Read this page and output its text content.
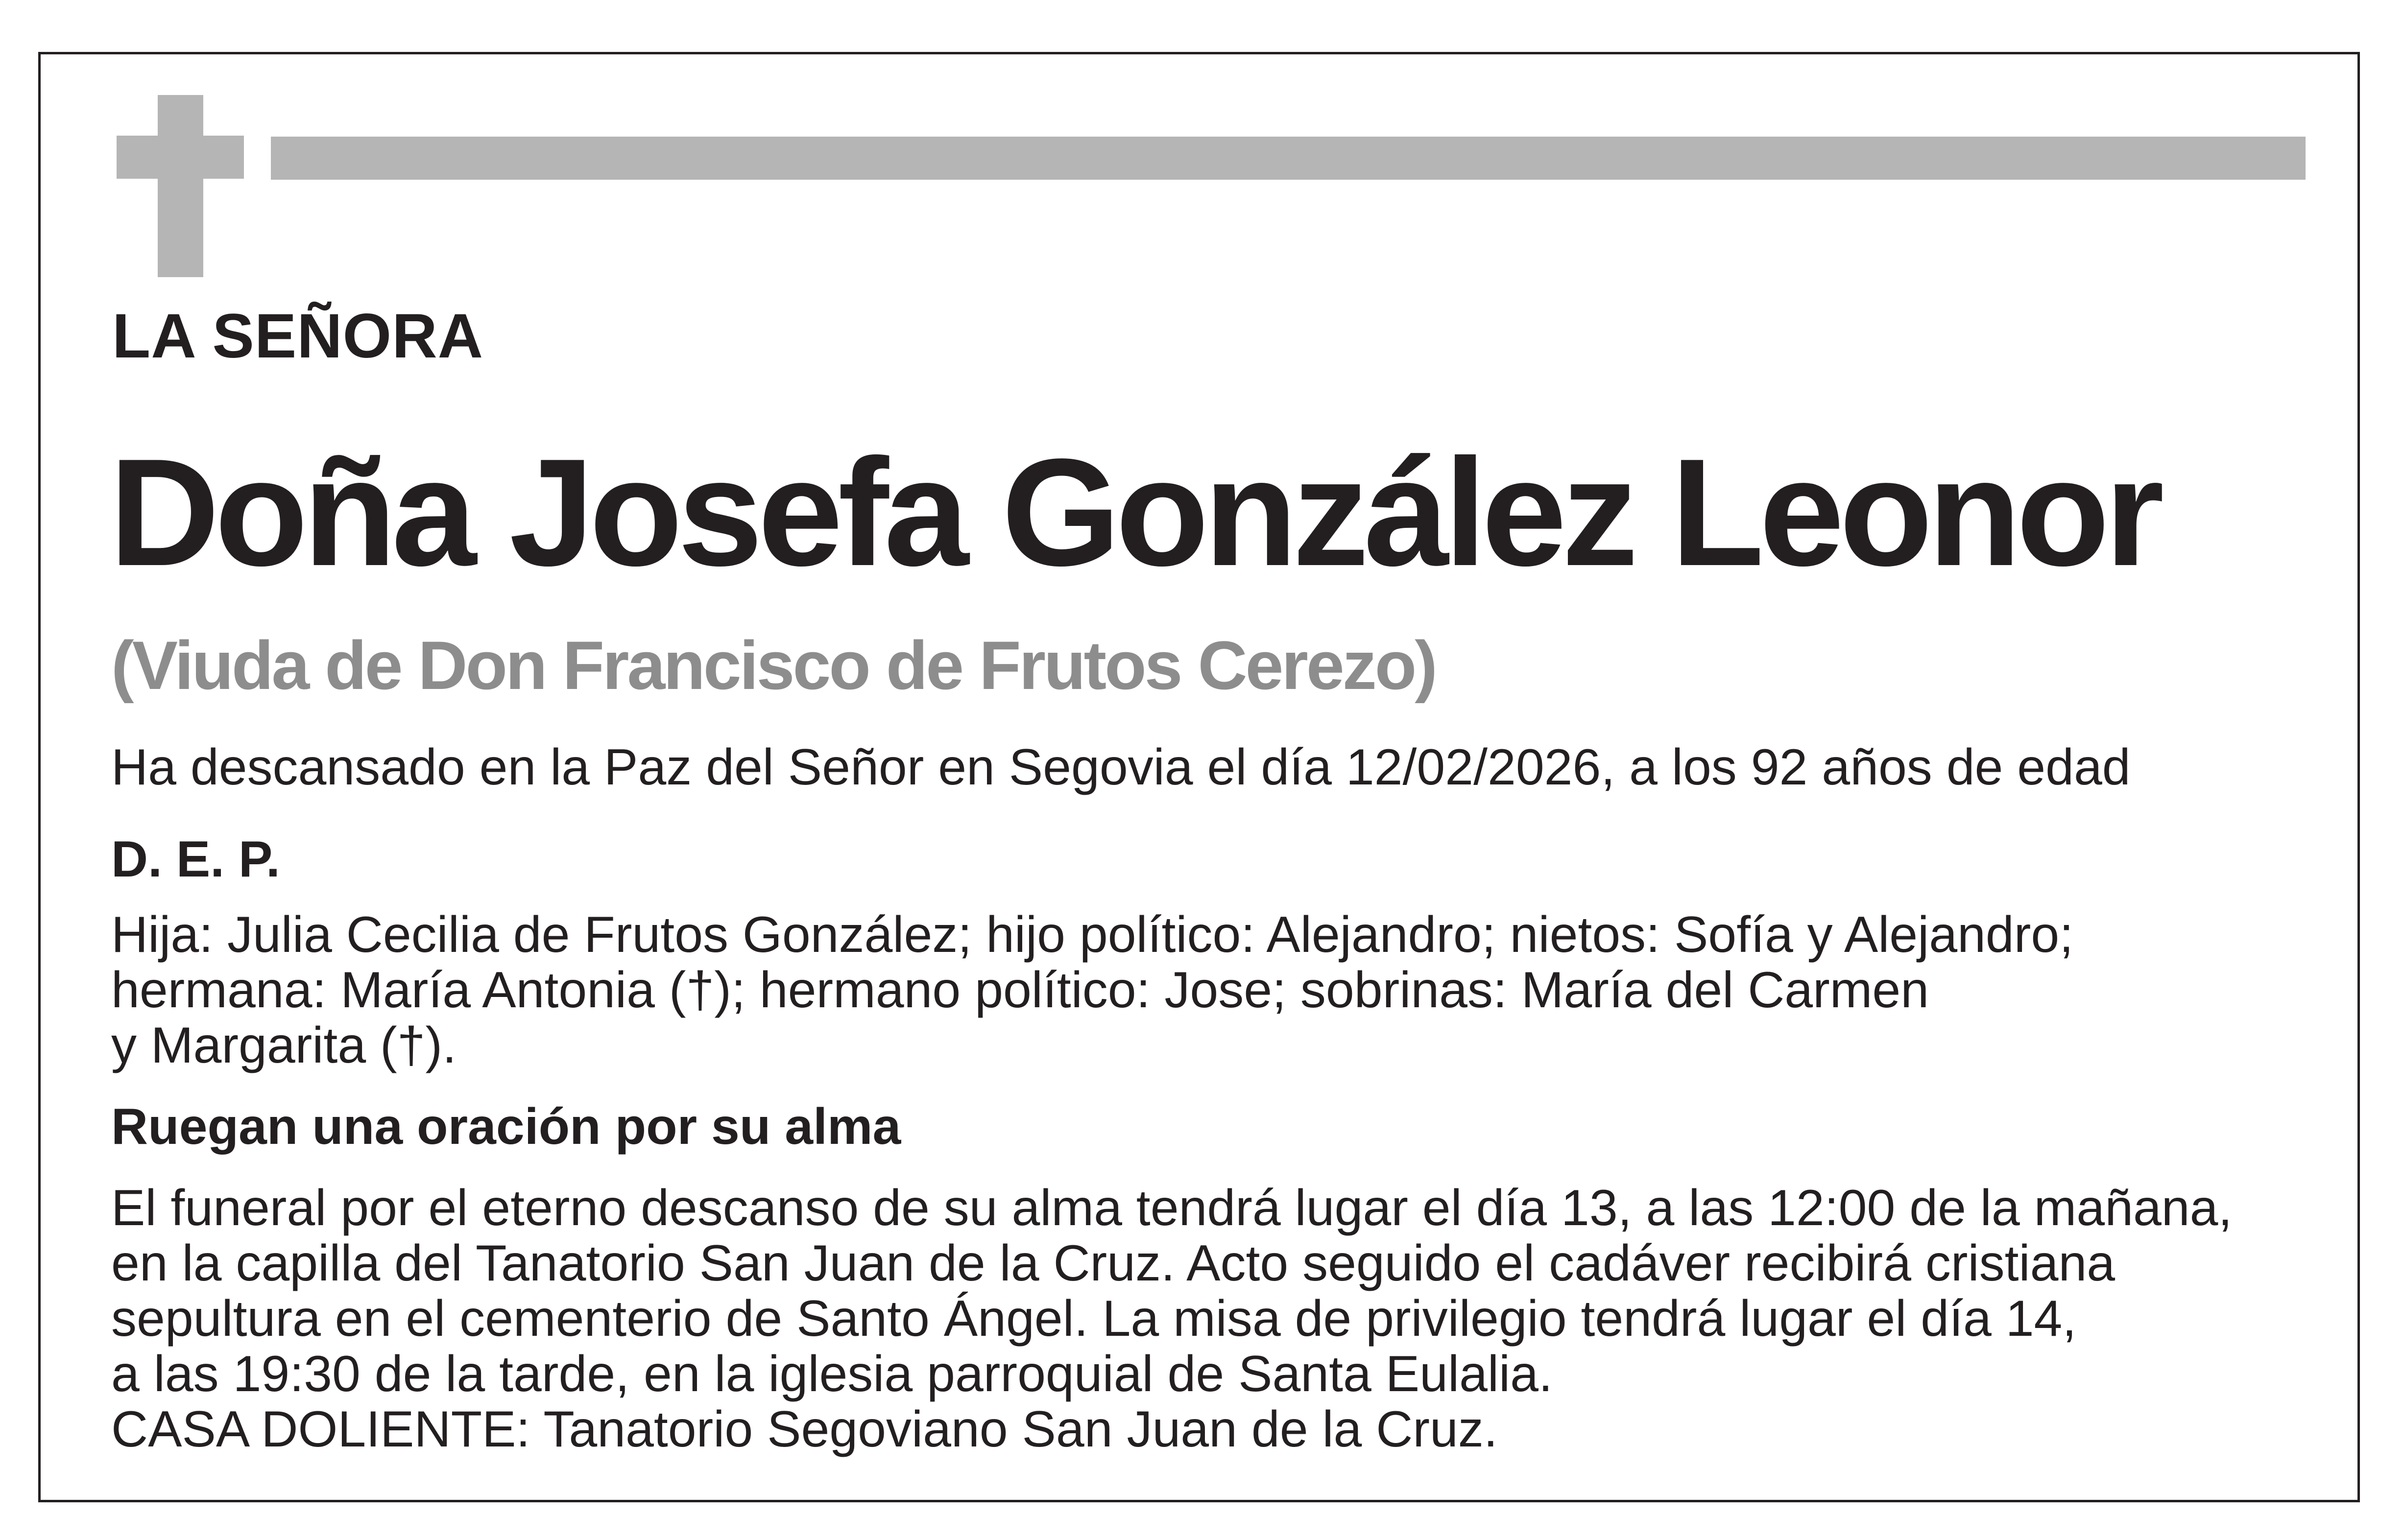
LA SEÑORA
Doña Josefa González Leonor
(Viuda de Don Francisco de Frutos Cerezo)
Ha descansado en la Paz del Señor en Segovia el día 12/02/2026, a los 92 años de edad
D. E. P.
Hija: Julia Cecilia de Frutos González; hijo político: Alejandro; nietos: Sofía y Alejandro;
hermana: María Antonia (†); hermano político: Jose; sobrinas: María del Carmen
y Margarita (†).
Ruegan una oración por su alma
El funeral por el eterno descanso de su alma tendrá lugar el día 13, a las 12:00 de la mañana,
en la capilla del Tanatorio San Juan de la Cruz. Acto seguido el cadáver recibirá cristiana
sepultura en el cementerio de Santo Ángel. La misa de privilegio tendrá lugar el día 14,
a las 19:30 de la tarde, en la iglesia parroquial de Santa Eulalia.
CASA DOLIENTE: Tanatorio Segoviano San Juan de la Cruz.
